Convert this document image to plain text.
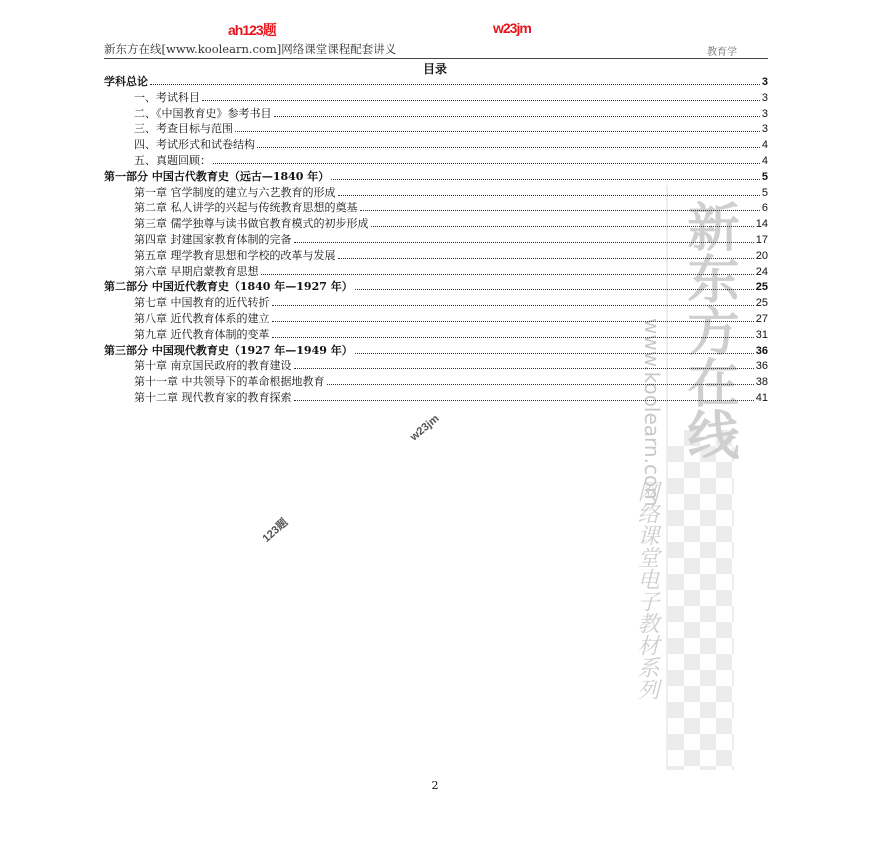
ah123题	w23jm
新东方在线[www.koolearn.com]网络课堂课程配套讲义	教育学
目录
新东方在线
www.koolearn.com
网络课堂电子教材系列
学科总论	3
一、考试科目	3
二、《中国教育史》参考书目	3
三、考查目标与范围	3
四、考试形式和试卷结构	4
五、真题回顾：	4
第一部分 中国古代教育史（远古—1840 年）	5
第一章 官学制度的建立与六艺教育的形成	5
第二章 私人讲学的兴起与传统教育思想的奠基	6
第三章 儒学独尊与读书做官教育模式的初步形成	14
第四章 封建国家教育体制的完备	17
第五章 理学教育思想和学校的改革与发展	20
第六章 早期启蒙教育思想	24
第二部分 中国近代教育史（1840 年—1927 年）	25
第七章 中国教育的近代转折	25
第八章 近代教育体系的建立	27
第九章 近代教育体制的变革	31
第三部分 中国现代教育史（1927 年—1949 年）	36
第十章 南京国民政府的教育建设	36
第十一章 中共领导下的革命根据地教育	38
第十二章 现代教育家的教育探索	41
w23jm
123题
2
